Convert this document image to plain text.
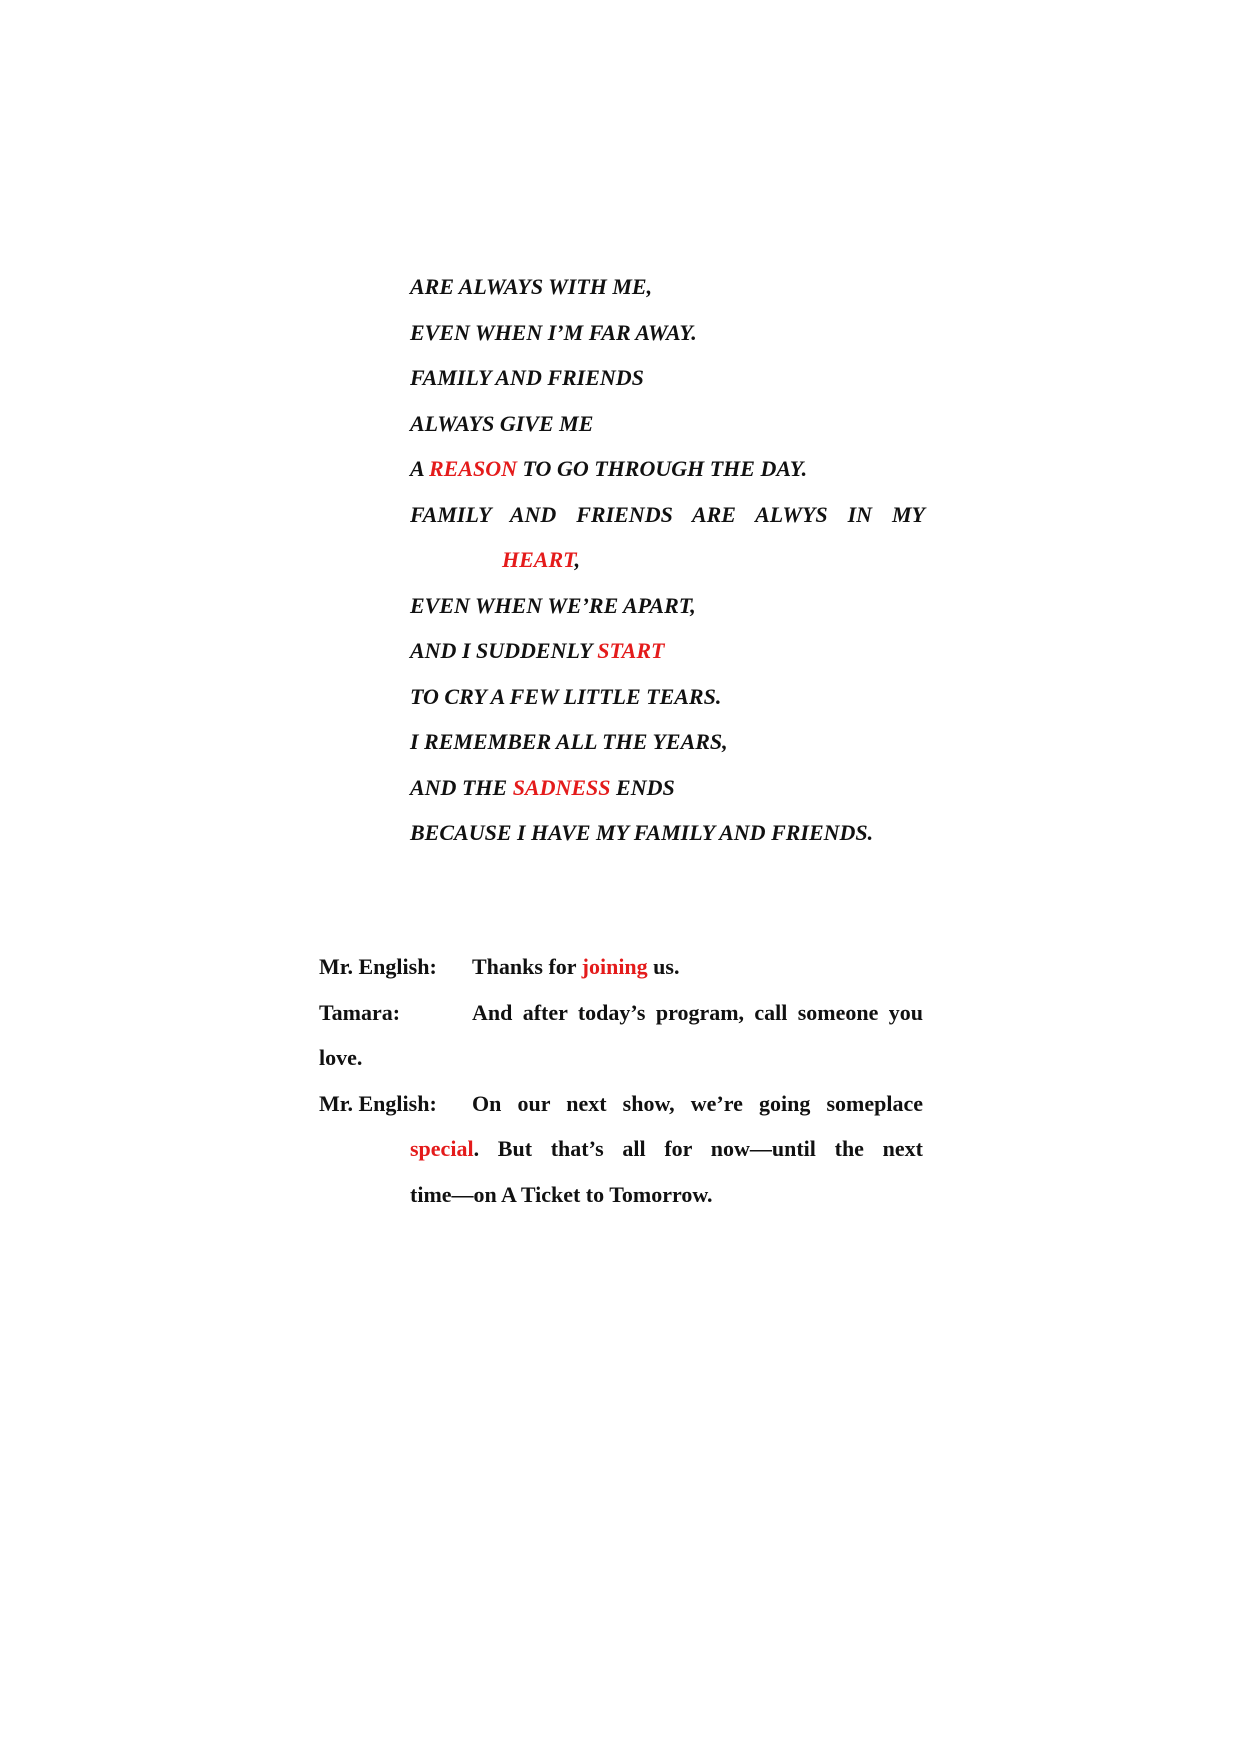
ARE ALWAYS WITH ME,
EVEN WHEN I’M FAR AWAY.
FAMILY AND FRIENDS
ALWAYS GIVE ME
A REASON TO GO THROUGH THE DAY.
FAMILY AND FRIENDS ARE ALWYS IN MY
HEART,
EVEN WHEN WE’RE APART,
AND I SUDDENLY START
TO CRY A FEW LITTLE TEARS.
I REMEMBER ALL THE YEARS,
AND THE SADNESS ENDS
BECAUSE I HAVE MY FAMILY AND FRIENDS.
Mr. English: Thanks for joining us.
Tamara:	And after today’s program, call someone you
love.
Mr. English: On our next show, we’re going someplace
special. But that’s all for now—until the next
time—on A Ticket to Tomorrow.
